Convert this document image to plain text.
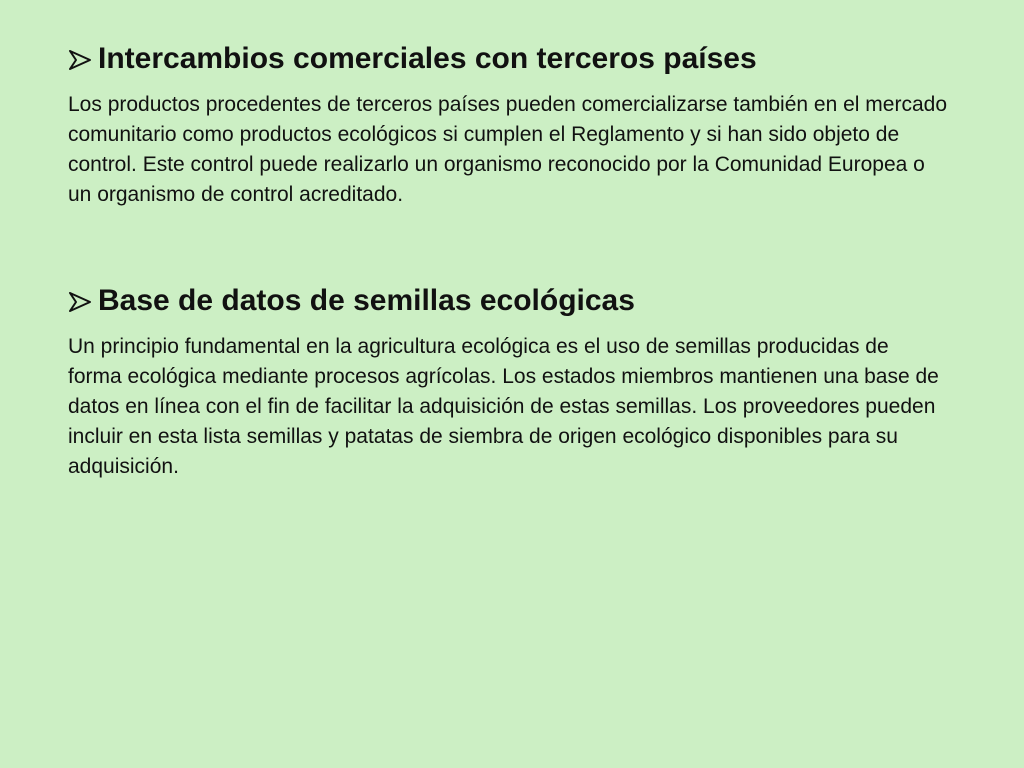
Intercambios comerciales con terceros países

Los productos procedentes de terceros países pueden comercializarse también en el mercado comunitario como productos ecológicos si cumplen el Reglamento y si han sido objeto de control. Este control puede realizarlo un organismo reconocido por la Comunidad Europea o un organismo de control acreditado.

Base de datos de semillas ecológicas

Un principio fundamental en la agricultura ecológica es el uso de semillas producidas de forma ecológica mediante procesos agrícolas. Los estados miembros mantienen una base de datos en línea con el fin de facilitar la adquisición de estas semillas. Los proveedores pueden incluir en esta lista semillas y patatas de siembra de origen ecológico disponibles para su adquisición.
